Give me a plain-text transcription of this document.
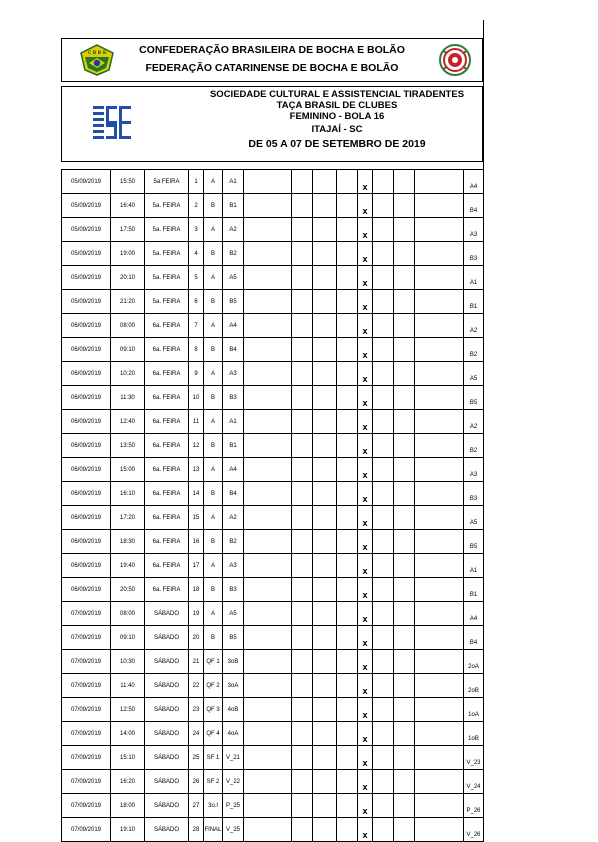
C B B B	CONFEDERAÇÃO BRASILEIRA DE BOCHA E BOLÃO
FEDERAÇÃO CATARINENSE DE BOCHA E BOLÃO
SOCIEDADE CULTURAL E ASSISTENCIAL TIRADENTES
TAÇA BRASIL DE CLUBES
FEMININO - BOLA 16
ITAJAÍ - SC
DE 05 A 07 DE SETEMBRO DE 2019
05/09/2019	15:50	5a FEIRA	1	A	A1					x				A4
05/09/2019	16:40	5a. FEIRA	2	B	B1					x				B4
05/09/2019	17:50	5a. FEIRA	3	A	A2					x				A3
05/09/2019	19:00	5a. FEIRA	4	B	B2					x				B3
05/09/2019	20:10	5a. FEIRA	5	A	A5					x				A1
05/09/2019	21:20	5a. FEIRA	6	B	B5					x				B1
06/09/2019	08:00	6a. FEIRA	7	A	A4					x				A2
06/09/2019	09:10	6a. FEIRA	8	B	B4					x				B2
06/09/2019	10:20	6a. FEIRA	9	A	A3					x				A5
06/09/2019	11:30	6a. FEIRA	10	B	B3					x				B5
06/09/2019	12:40	6a. FEIRA	11	A	A1					x				A2
06/09/2019	13:50	6a. FEIRA	12	B	B1					x				B2
06/09/2019	15:00	6a. FEIRA	13	A	A4					x				A3
06/09/2019	16:10	6a. FEIRA	14	B	B4					x				B3
06/09/2019	17:20	6a. FEIRA	15	A	A2					x				A5
06/09/2019	18:30	6a. FEIRA	16	B	B2					x				B5
06/09/2019	19:40	6a. FEIRA	17	A	A3					x				A1
06/09/2019	20:50	6a. FEIRA	18	B	B3					x				B1
07/09/2019	08:00	SÁBADO	19	A	A5					x				A4
07/09/2019	09:10	SÁBADO	20	B	B5					x				B4
07/09/2019	10:30	SÁBADO	21	QF 1	3oB					x				2oA
07/09/2019	11:40	SÁBADO	22	QF 2	3oA					x				2oB
07/09/2019	12:50	SÁBADO	23	QF 3	4oB					x				1oA
07/09/2019	14:00	SÁBADO	24	QF 4	4oA					x				1oB
07/09/2019	15:10	SÁBADO	25	SF 1	V_21					x				V_23
07/09/2019	16:20	SÁBADO	26	SF 2	V_22					x				V_24
07/09/2019	18:00	SÁBADO	27	3o.l	P_25					x				P_26
07/09/2019	19:10	SÁBADO	28	FINAL	V_25					x				V_26
